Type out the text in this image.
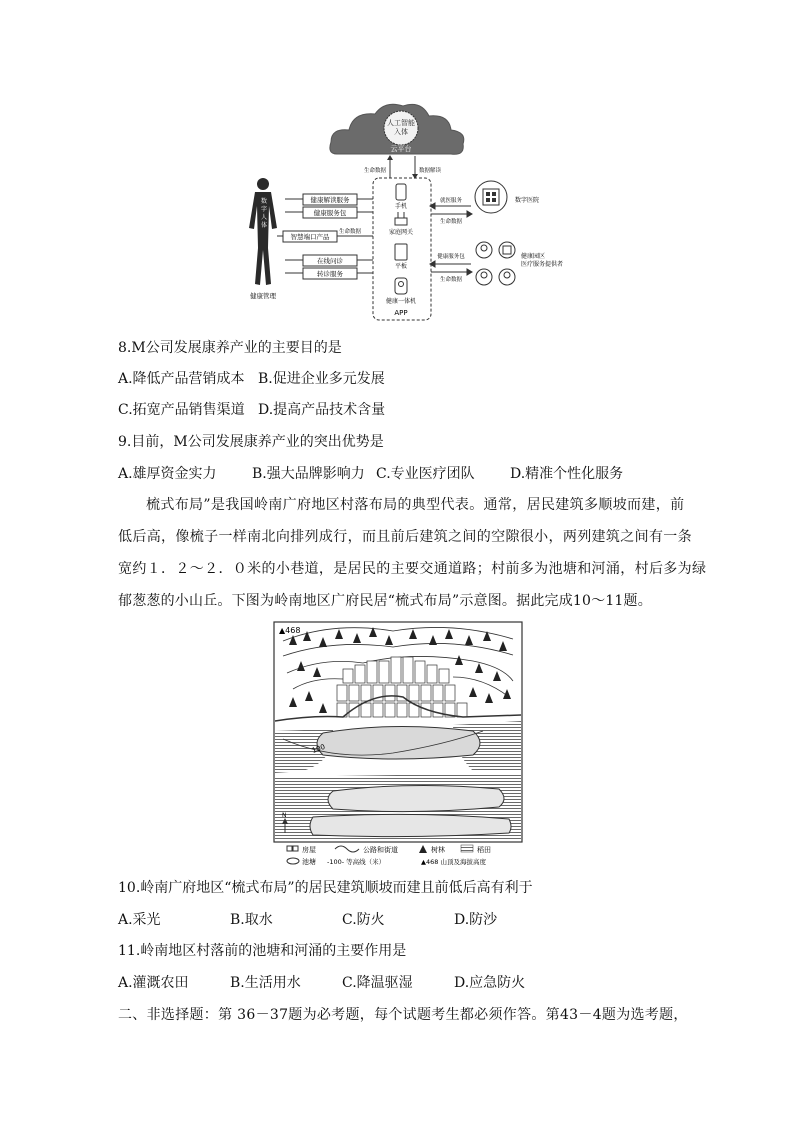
人工智能
入体
云平台
生命数据	数据解读
数
字
人
体
健康管理
健康解读服务
健康服务包
智慧端口产品
在线问诊
转诊服务
生命数据
手机
家庭网关
平板
健康一体机
APP
就医服务
生命数据
数字医院
健康服务包
生命数据
健康园区
医疗服务提供者
8.M公司发展康养产业的主要目的是
A.降低产品营销成本 B.促进企业多元发展
C.拓宽产品销售渠道 D.提高产品技术含量
9.目前，M公司发展康养产业的突出优势是
A.雄厚资金实力	B.强大品牌影响力 C.专业医疗团队	D.精准个性化服务
梳式布局”是我国岭南广府地区村落布局的典型代表。通常，居民建筑多顺坡而建，前
低后高，像梳子一样南北向排列成行，而且前后建筑之间的空隙很小，两列建筑之间有一条
宽约１．２～２．０米的小巷道，是居民的主要交通道路；村前多为池塘和河涌，村后多为绿
郁葱葱的小山丘。下图为岭南地区广府民居“梳式布局”示意图。据此完成10～11题。
100
▲468
N
房屋	公路和街道	树林	稻田
池塘 -100- 等高线（米）	▲468 山顶及海拔高度
10.岭南广府地区“梳式布局”的居民建筑顺坡而建且前低后高有利于
A.采光	B.取水	C.防火	D.防沙
11.岭南地区村落前的池塘和河涌的主要作用是
A.灌溉农田	B.生活用水	C.降温驱湿	D.应急防火
二、非选择题：第 36－37题为必考题，每个试题考生都必须作答。第43－4题为选考题，
